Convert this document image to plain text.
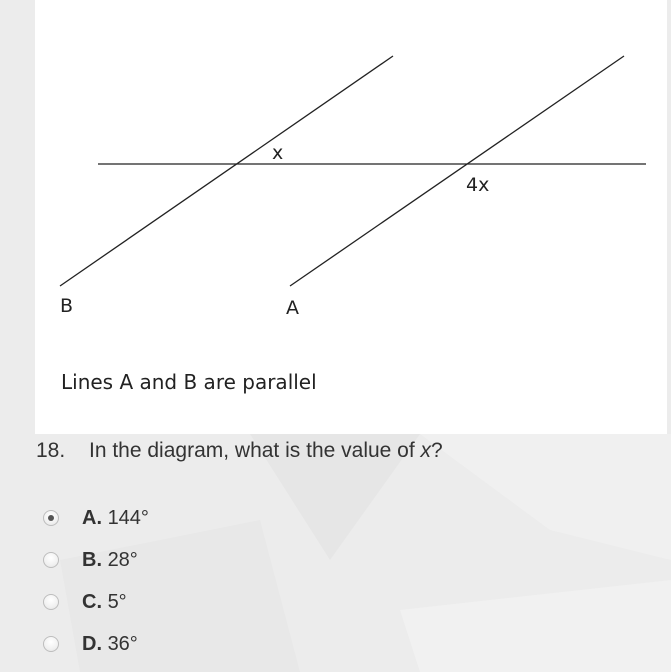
x
4x
B	A
Lines A and B are parallel
18. In the diagram, what is the value of x?
A. 144°
B. 28°
C. 5°
D. 36°
